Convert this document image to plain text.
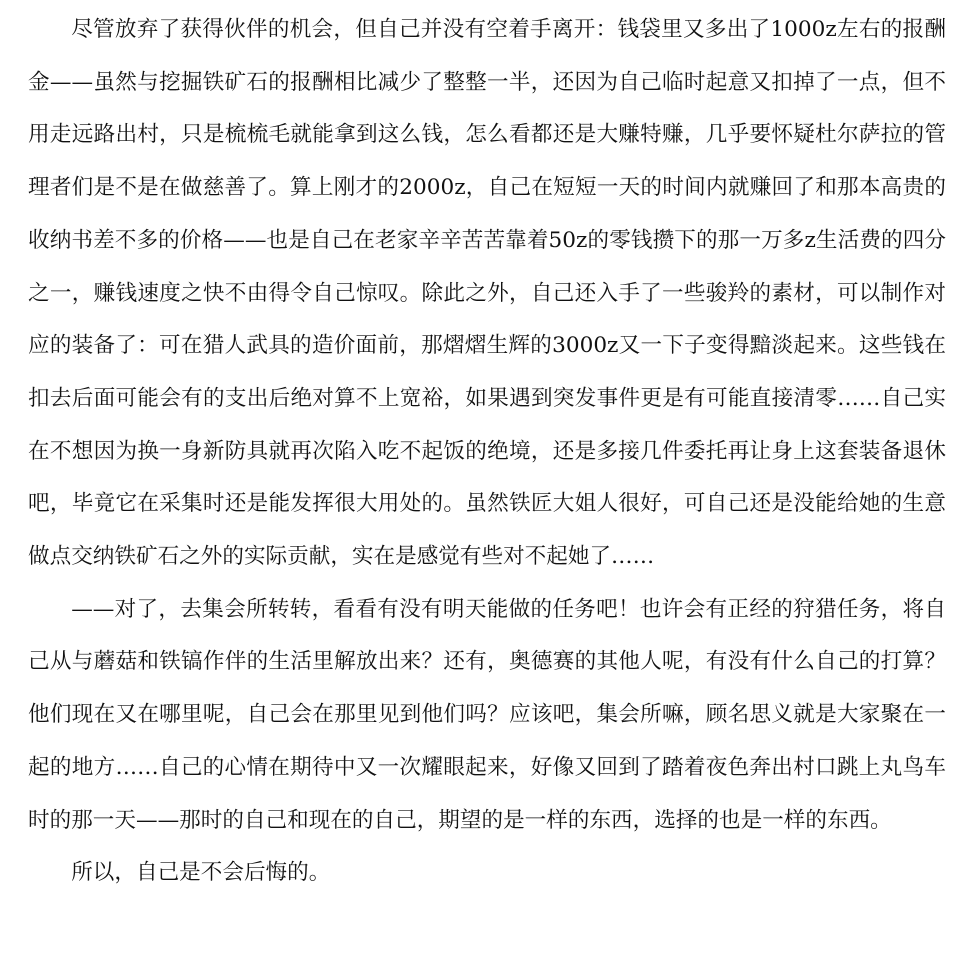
尽管放弃了获得伙伴的机会，但自己并没有空着手离开：钱袋里又多出了1000z左右的报酬金——虽然与挖掘铁矿石的报酬相比减少了整整一半，还因为自己临时起意又扣掉了一点，但不用走远路出村，只是梳梳毛就能拿到这么钱，怎么看都还是大赚特赚，几乎要怀疑杜尔萨拉的管理者们是不是在做慈善了。算上刚才的2000z，自己在短短一天的时间内就赚回了和那本高贵的收纳书差不多的价格——也是自己在老家辛辛苦苦靠着50z的零钱攒下的那一万多z生活费的四分之一，赚钱速度之快不由得令自己惊叹。除此之外，自己还入手了一些骏羚的素材，可以制作对应的装备了：可在猎人武具的造价面前，那熠熠生辉的3000z又一下子变得黯淡起来。这些钱在扣去后面可能会有的支出后绝对算不上宽裕，如果遇到突发事件更是有可能直接清零……自己实在不想因为换一身新防具就再次陷入吃不起饭的绝境，还是多接几件委托再让身上这套装备退休吧，毕竟它在采集时还是能发挥很大用处的。虽然铁匠大姐人很好，可自己还是没能给她的生意做点交纳铁矿石之外的实际贡献，实在是感觉有些对不起她了……

——对了，去集会所转转，看看有没有明天能做的任务吧！也许会有正经的狩猎任务，将自己从与蘑菇和铁镐作伴的生活里解放出来？还有，奥德赛的其他人呢，有没有什么自己的打算？他们现在又在哪里呢，自己会在那里见到他们吗？应该吧，集会所嘛，顾名思义就是大家聚在一起的地方……自己的心情在期待中又一次耀眼起来，好像又回到了踏着夜色奔出村口跳上丸鸟车时的那一天——那时的自己和现在的自己，期望的是一样的东西，选择的也是一样的东西。

所以，自己是不会后悔的。
